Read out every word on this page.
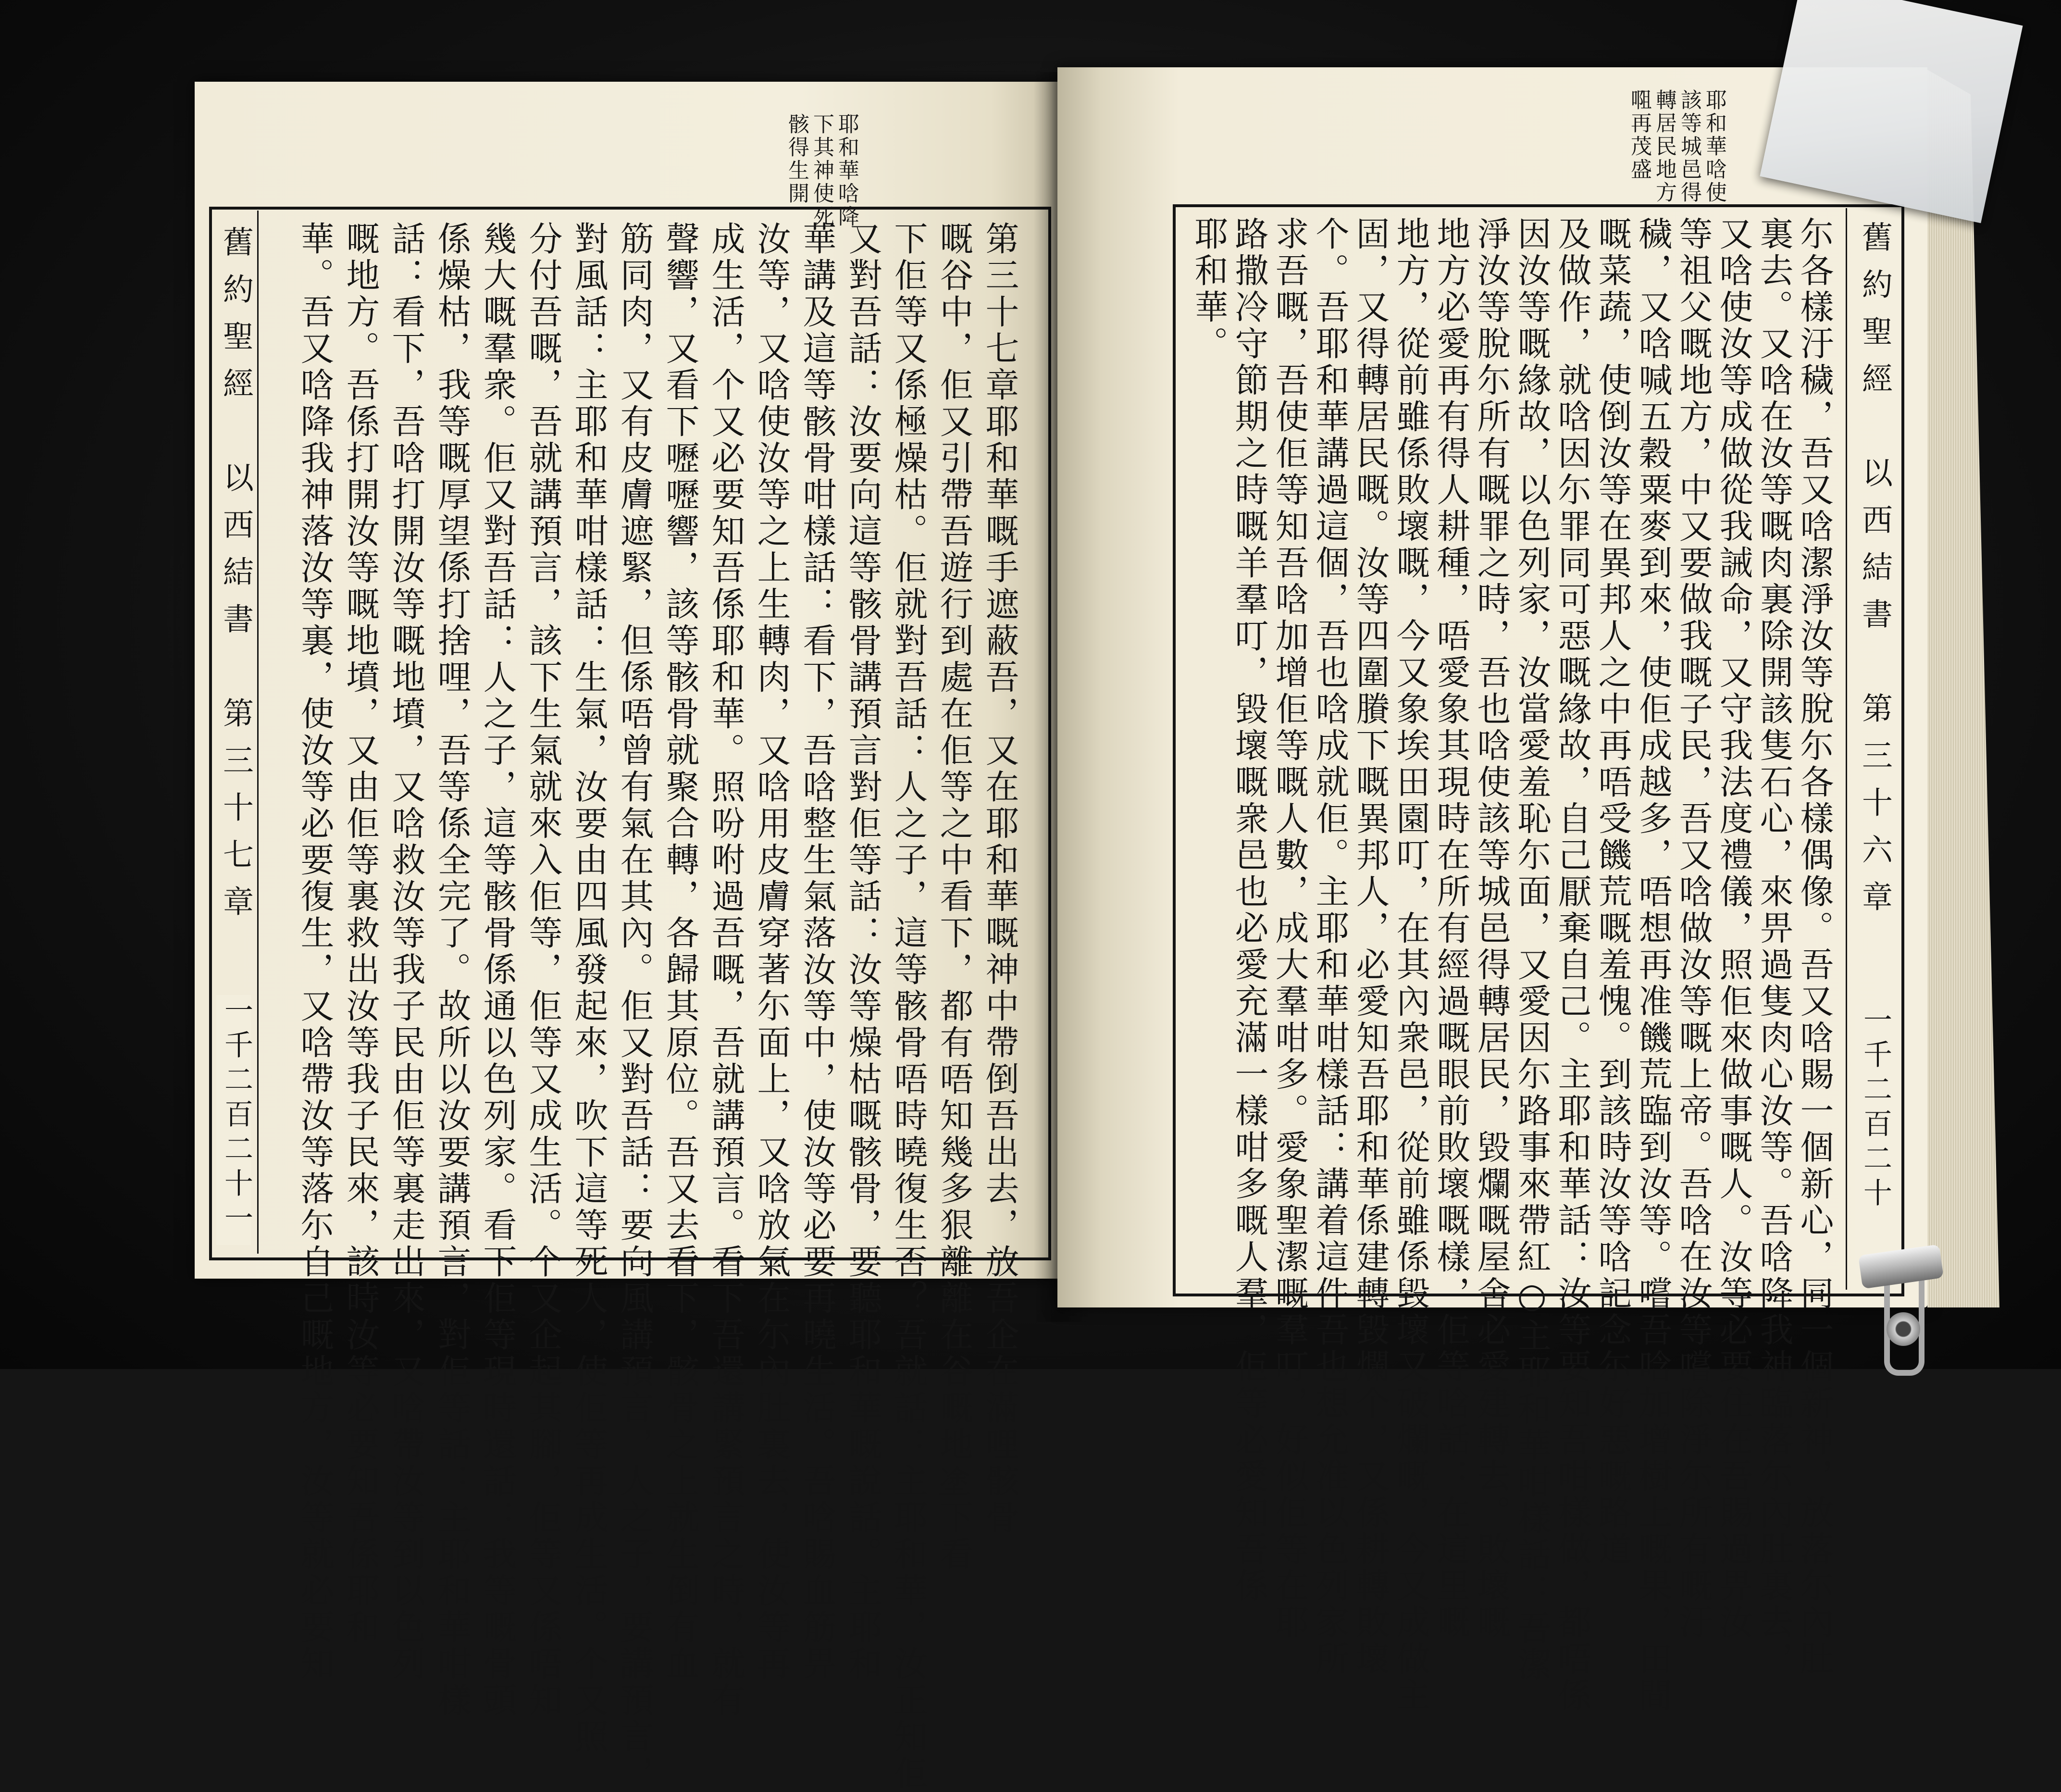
耶和華唅降
下其神使死
骸得生開
第三十七章耶和華嘅手遮蔽吾，又在耶和華嘅神中帶倒吾出去，放吾企在滿哩骸骨
嘅谷中，佢又引帶吾遊行到處在佢等之中看下，都有唔知幾多狠離離在谷嘅地𡍼下看
下佢等又係極燥枯。佢就對吾話：人之子，這等骸骨唔時曉復生否？吾就話：主耶和華，汝正知佢
又對吾話：汝要向這等骸骨講預言對佢等話：汝等燥枯嘅骸骨，要聽耶和華嘅說話。主耶和
華講及這等骸骨咁樣話：看下，吾唅整生氣落汝等中，使汝等必要再曉生活。吾唅賜血筋畀
汝等，又唅使汝等之上生轉肉，又唅用皮膚穿著尓面上，又唅放氣在尓內肚裏去，使汝等再
成生活，个又必要知吾係耶和華。照吩咐過吾嘅，吾就講預言。看下吾還講緊預言之時，就有
聲響，又看下嚦嚦響，該等骸骨就聚合轉，各歸其原位。吾又去看下，骸骨之上就生倒有血
筋同肉，又有皮膚遮緊，但係唔曾有氣在其內。佢又對吾話：要向風講預言，人之子，要講預言，
對風話：主耶和華咁樣話：生氣，汝要由四風發起來，吹下這等死人，使佢等再成生活。个又照
分付吾嘅，吾就講預言，該下生氣就來入佢等，佢等又成生活。个又企起其腳，佢等又係唔知
幾大嘅羣衆。佢又對吾話：人之子，這等骸骨係通以色列家。看下佢等現時還話：我等嘅骨頭
係燥枯，我等嘅厚望係打捨哩，吾等係全完了。故所以汝要講預言，對佢等話：主耶和華咁樣
話：看下，吾唅打開汝等嘅地墳，又唅救汝等我子民由佢等裏走出來，又唅帶汝等到以色列
嘅地方。吾係打開汝等嘅地墳，又由佢等裏救出汝等我子民來，該時汝等必要知吾係耶和
華。吾又唅降我神落汝等裏，使汝等必要復生，又唅帶汝等落尓自己嘅地方，汝等就必要知
舊約聖經　以西結書　第三十七章
一千二百二十一
耶和華唅使
該等城邑得
轉居民地方
唨再茂盛
尓各樣汙穢，吾又唅潔淨汝等脫尓各樣偶像。吾又唅賜一個新心，同一個新神，放落尓內肚
裏去。又唅在汝等嘅肉裏除開該隻石心，來畀過隻肉心汝等。吾唅降我神臨落尓內肚裏去，
又唅使汝等成做從我誡命，又守我法度禮儀，照佢來做事嘅人。汝等必要住在吾賜過畀汝
等祖父嘅地方，中又要做我嘅子民，吾又唅做汝等嘅上帝。吾唅在汝等嚐除淨尓所有嘅汙
穢，又唅喊五穀粟麥到來，使佢成越多，唔想再准饑荒臨到汝等。嚐吾唅加增樹上嘅果，田間
嘅菜蔬，使倒汝等在異邦人之中再唔受饑荒嘅羞愧。到該時汝等唅記念尓好惡嘅路道
及做作，就唅因尓罪同可惡嘅緣故，自己厭棄自己。主耶和華話：汝等要知吾咁樣做，都唔係
因汝等嘅緣故，以色列家，汝當愛羞恥尓面，又愛因尓路事來帶紅○主耶和華咁樣話：吾潔
淨汝等脫尓所有嘅罪之時，吾也唅使該等城邑得轉居民，毀爛嘅屋舍必愛建轉去。敗壞嘅
地方必愛再有得人耕種，唔愛象其現時在所有經過嘅眼前敗壞嘅樣，佢等唅話：在這里嘅
地方，從前雖係敗壞嘅，今又象埃田園叮，在其內衆邑，從前雖係毀壞又破爛嘅，今又成做主
固，又得轉居民嘅。汝等四圍賸下嘅異邦人，必愛知吾耶和華係建轉毀爛个，又係耕轉敗壞
个。吾耶和華講過這個，吾也唅成就佢。主耶和華咁樣話：講着這件吾也想允准以色列家所
求吾嘅，吾使佢等知吾唅加增佢等嘅人數，成大羣咁多。愛象聖潔嘅羣叮，好似佢等在耶
路撒冷守節期之時嘅羊羣叮，毀壞嘅衆邑也必愛充滿一樣咁多嘅人羣，佢等必愛知吾係
耶和華。	舊約聖經　以西結書　第三十六章
一千二百二十
